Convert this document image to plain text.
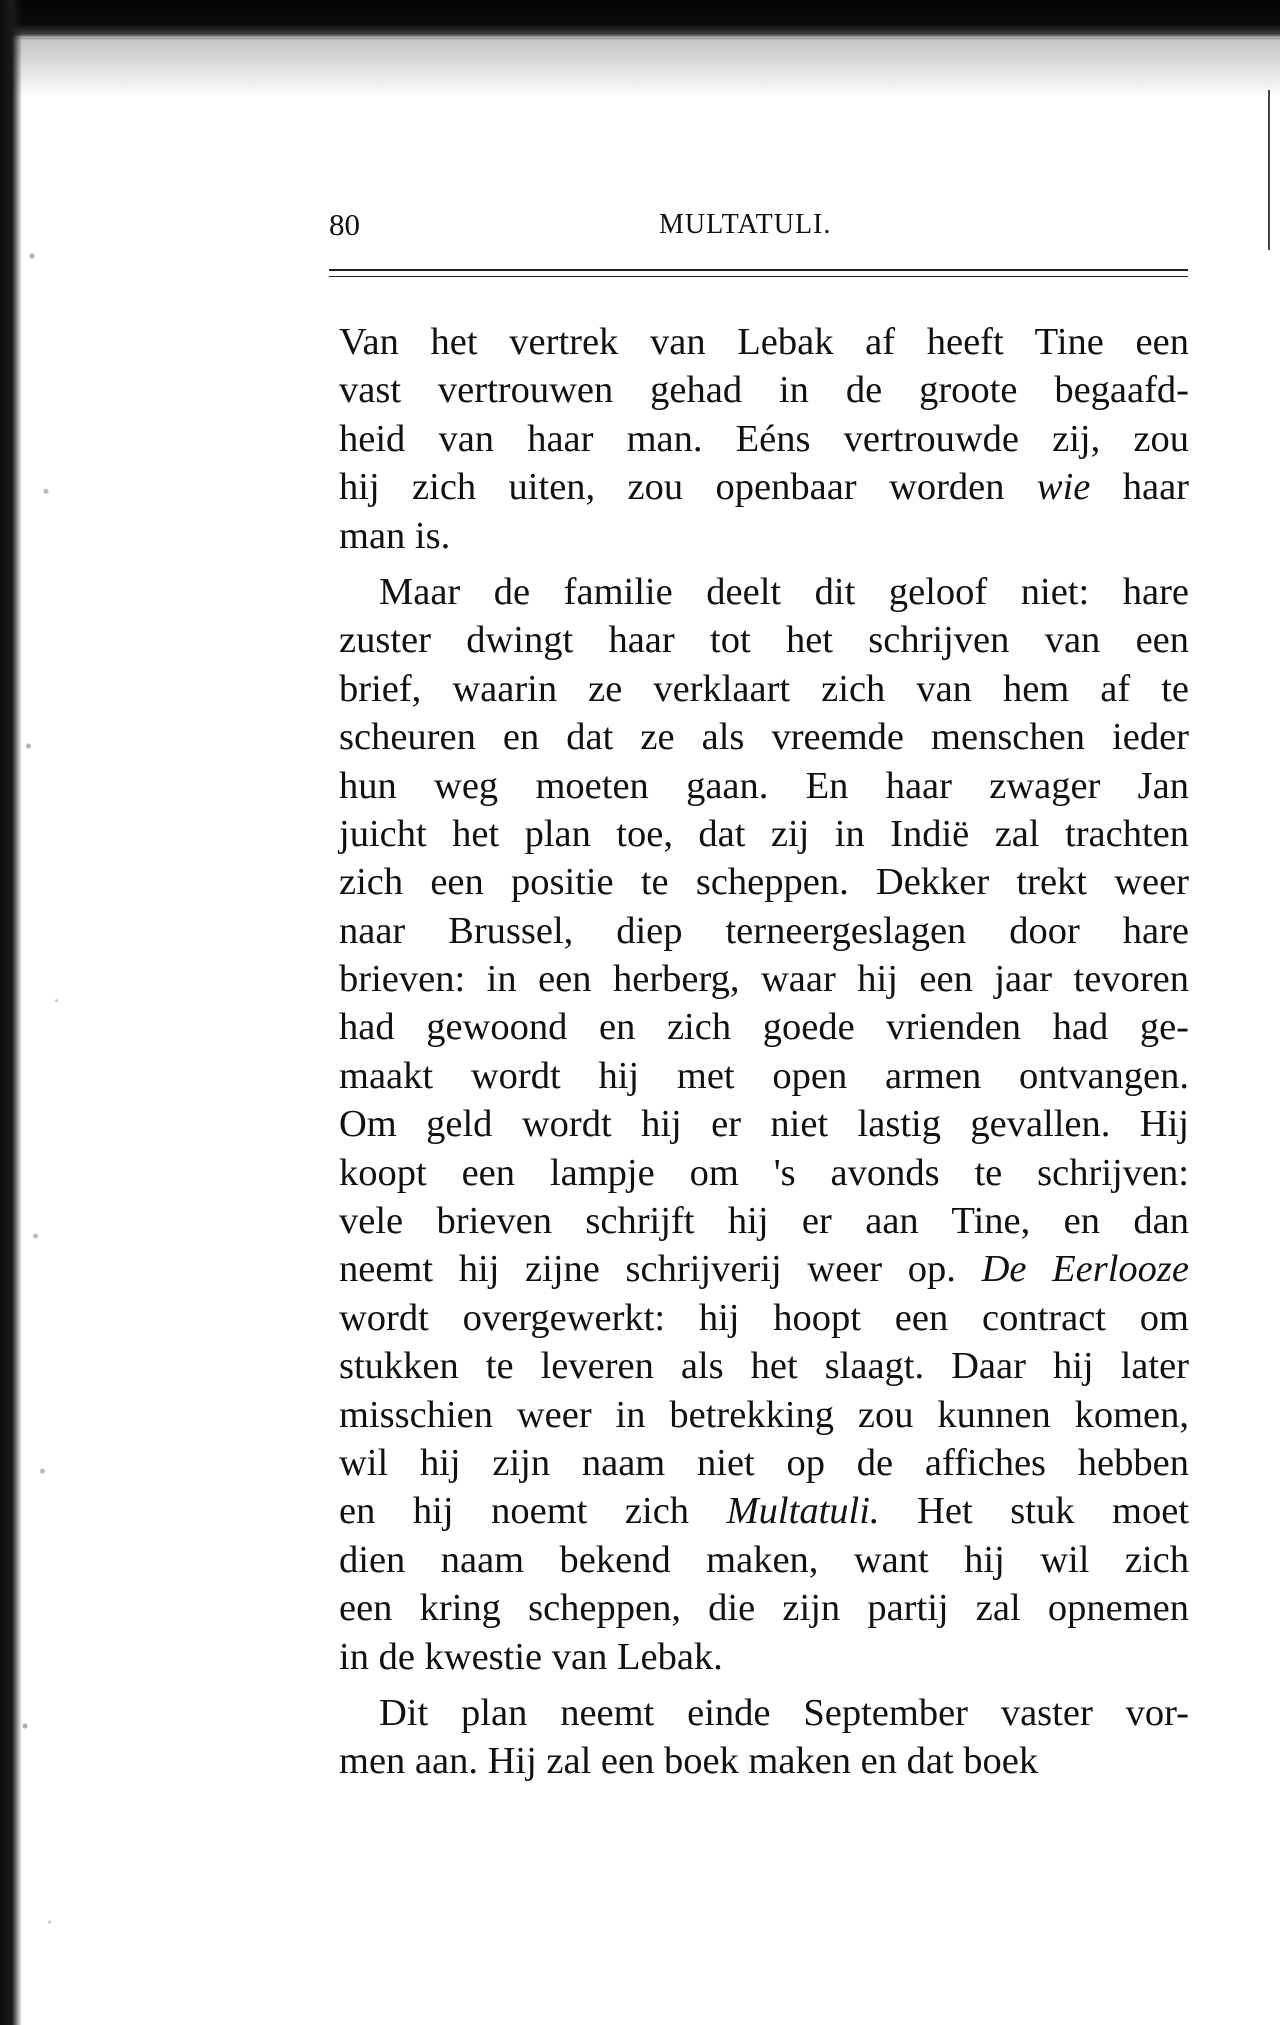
80	MULTATULI.
Van het vertrek van Lebak af heeft Tine een
vast vertrouwen gehad in de groote begaafd-
heid van haar man. Eéns vertrouwde zij, zou
hij zich uiten, zou openbaar worden wie haar
man is.
Maar de familie deelt dit geloof niet: hare
zuster dwingt haar tot het schrijven van een
brief, waarin ze verklaart zich van hem af te
scheuren en dat ze als vreemde menschen ieder
hun weg moeten gaan. En haar zwager Jan
juicht het plan toe, dat zij in Indië zal trachten
zich een positie te scheppen. Dekker trekt weer
naar Brussel, diep terneergeslagen door hare
brieven: in een herberg, waar hij een jaar tevoren
had gewoond en zich goede vrienden had ge-
maakt wordt hij met open armen ontvangen.
Om geld wordt hij er niet lastig gevallen. Hij
koopt een lampje om 's avonds te schrijven:
vele brieven schrijft hij er aan Tine, en dan
neemt hij zijne schrijverij weer op. De Eerlooze
wordt overgewerkt: hij hoopt een contract om
stukken te leveren als het slaagt. Daar hij later
misschien weer in betrekking zou kunnen komen,
wil hij zijn naam niet op de affiches hebben
en hij noemt zich Multatuli. Het stuk moet
dien naam bekend maken, want hij wil zich
een kring scheppen, die zijn partij zal opnemen
in de kwestie van Lebak.
Dit plan neemt einde September vaster vor-
men aan. Hij zal een boek maken en dat boek
